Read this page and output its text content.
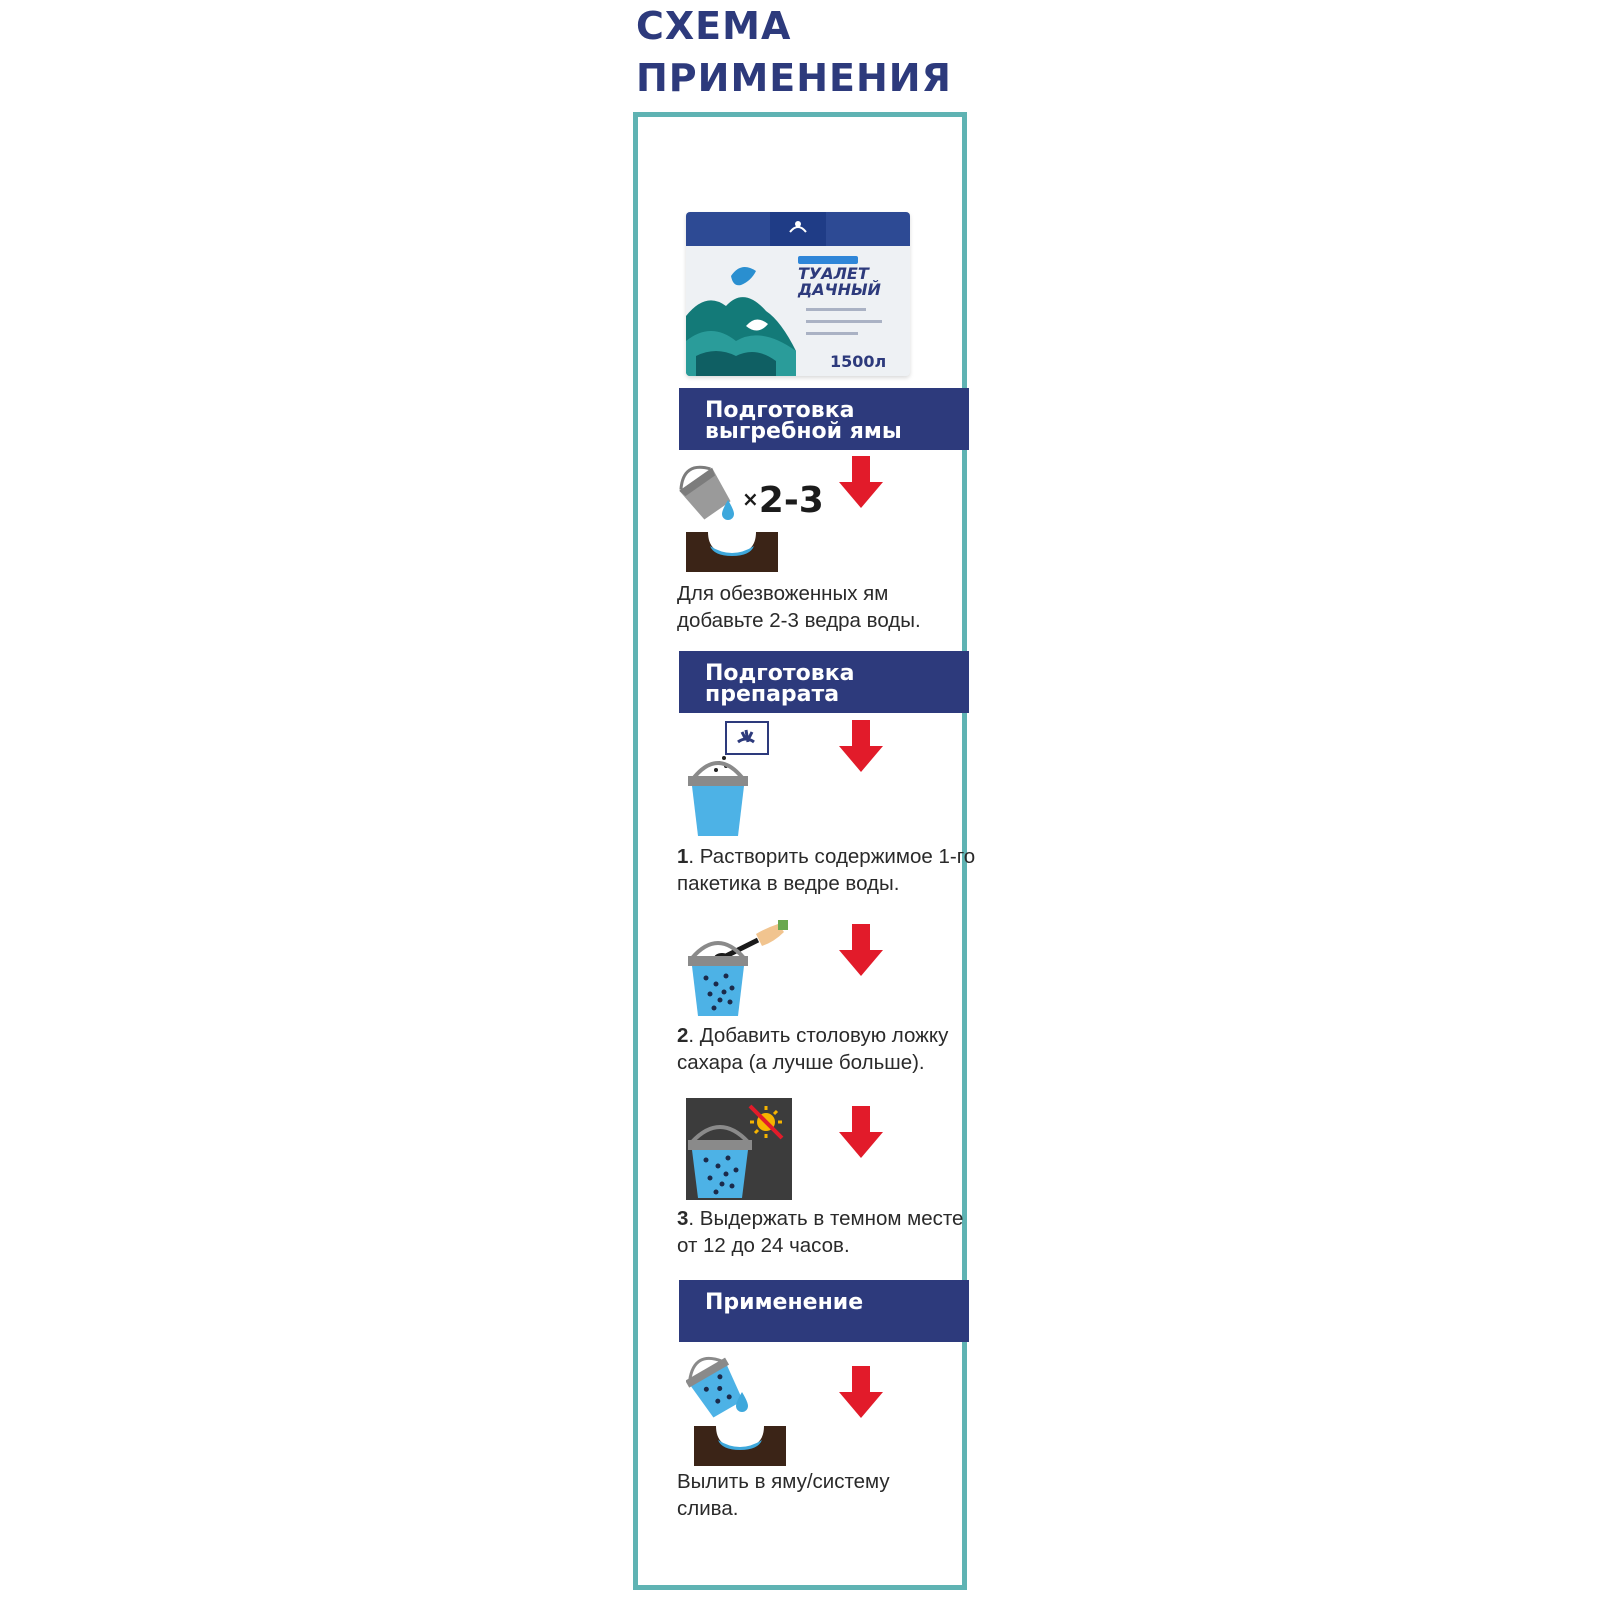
СХЕМА
ПРИМЕНЕНИЯ
ТУАЛЕТ
ДАЧНЫЙ
1500л
Подготовка
выгребной ямы
×2-3
Для обезвоженных ям добавьте 2-3 ведра воды.
Подготовка
препарата
1. Растворить содержимое 1-го пакетика в ведре воды.
2. Добавить столовую ложку сахара (а лучше больше).
3. Выдержать в темном месте от 12 до 24 часов.
Применение
Вылить в яму/систему слива.
